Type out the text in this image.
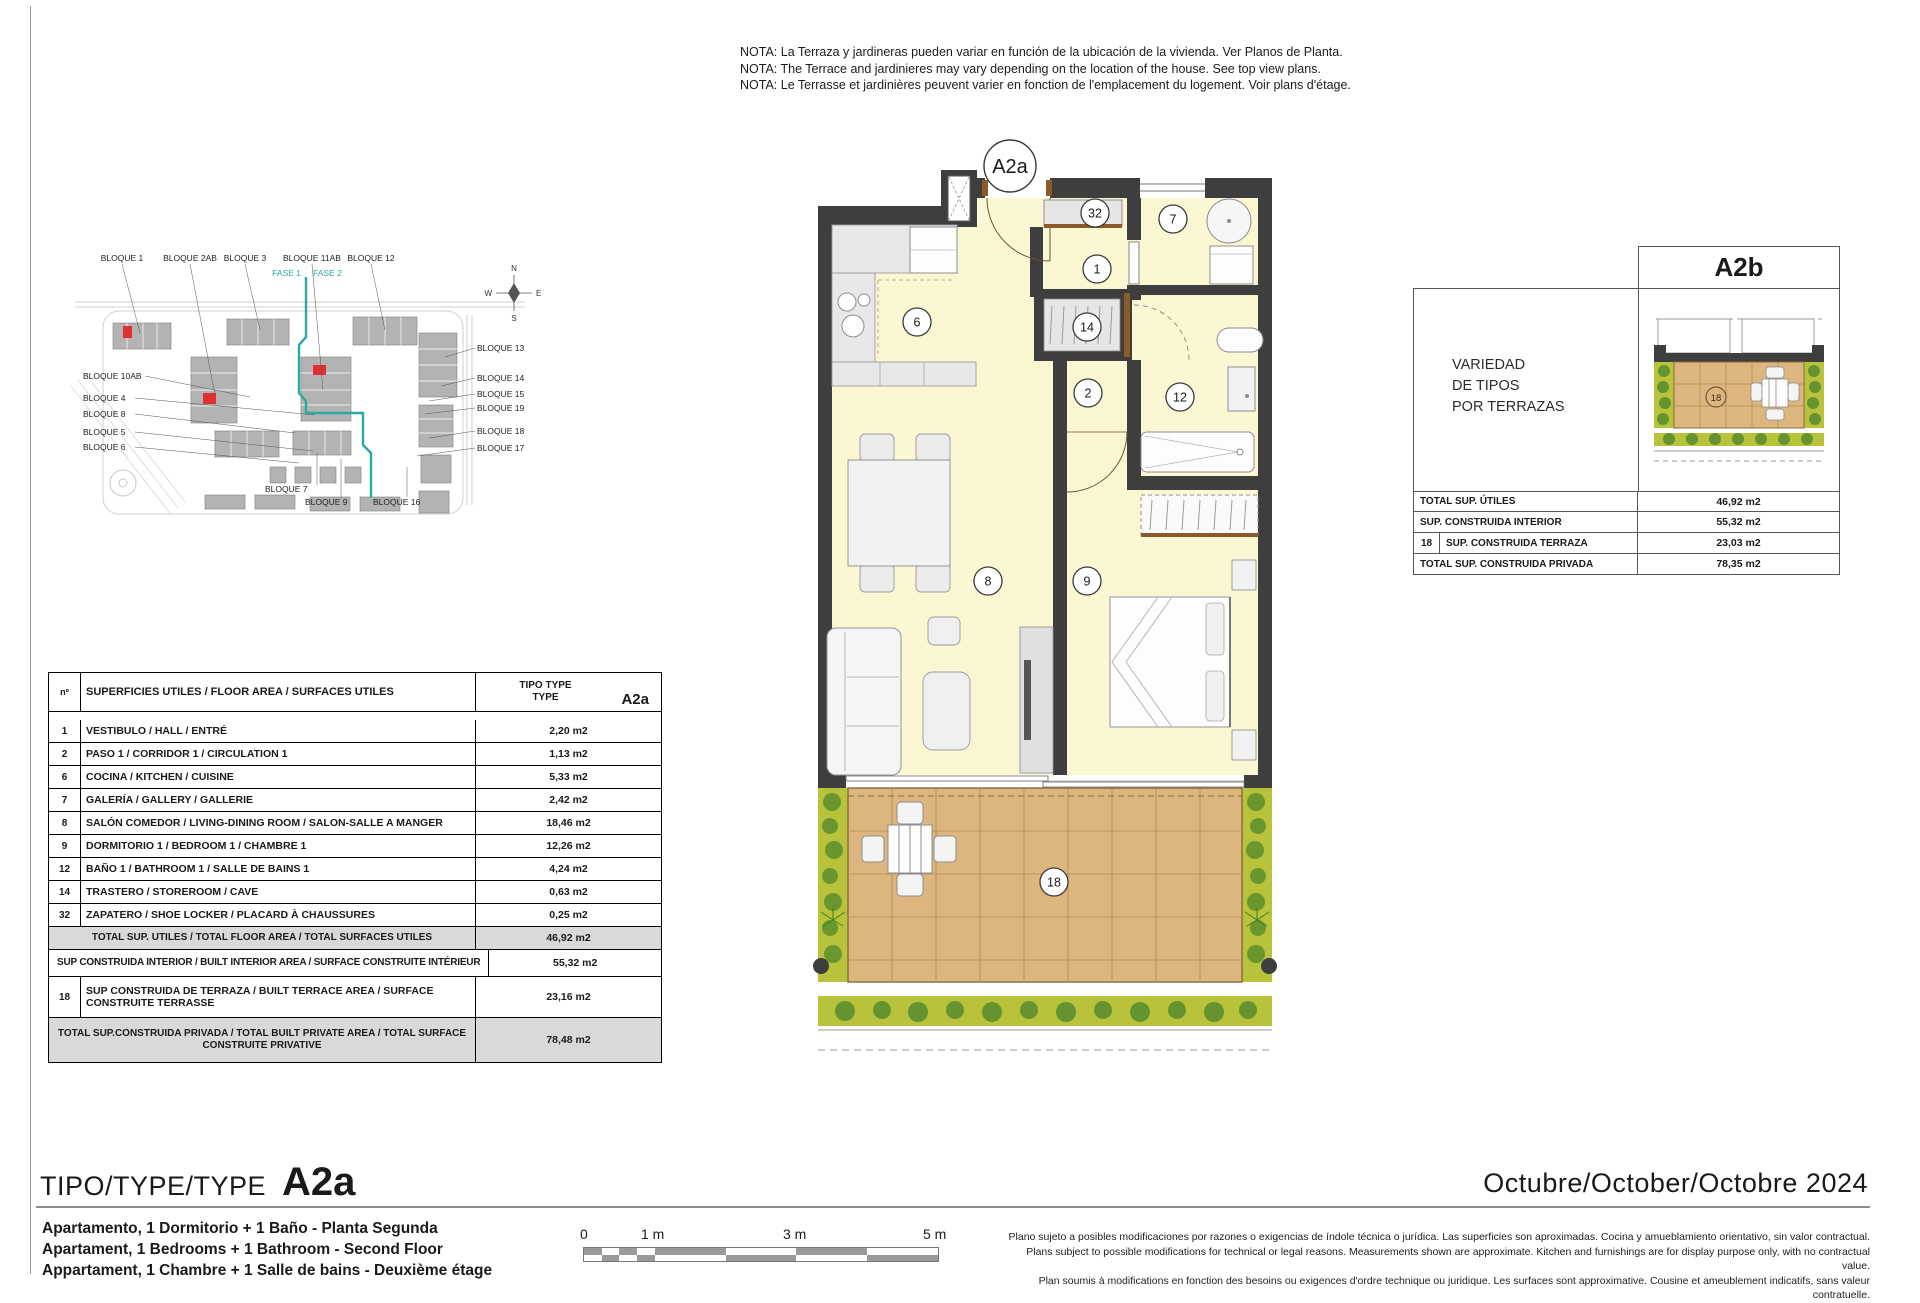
NOTA: La Terraza y jardineras pueden variar en función de la ubicación de la vivienda. Ver Planos de Planta.
NOTA: The Terrace and jardinieres may vary depending on the location of the house. See top view plans.
NOTA: Le Terrasse et jardinières peuvent varier en fonction de l'emplacement du logement. Voir plans d'étage.
N
W	E
S
FASE 1 FASE 2
BLOQUE 1 BLOQUE 2AB BLOQUE 3 BLOQUE 11AB BLOQUE 12
BLOQUE 10AB
BLOQUE 4
BLOQUE 8
BLOQUE 5
BLOQUE 6
BLOQUE 13
BLOQUE 14
BLOQUE 15
BLOQUE 19
BLOQUE 18
BLOQUE 17
BLOQUE 7
BLOQUE 9	BLOQUE 16
A2a
1
2
6
7
8	9
12
14
32
18
A2b
VARIEDAD
DE TIPOS
POR TERRAZAS
18
TOTAL SUP. ÚTILES	46,92 m2
SUP. CONSTRUIDA INTERIOR	55,32 m2
18	SUP. CONSTRUIDA TERRAZA	23,03 m2
TOTAL SUP. CONSTRUIDA PRIVADA	78,35 m2
nº	SUPERFICIES UTILES / FLOOR AREA / SURFACES UTILES
TIPO TYPE
TYPE	A2a
1	VESTIBULO / HALL / ENTRÉ	2,20 m2
2	PASO 1 / CORRIDOR 1 / CIRCULATION 1	1,13 m2
6	COCINA / KITCHEN / CUISINE	5,33 m2
7	GALERÍA / GALLERY / GALLERIE	2,42 m2
8	SALÓN COMEDOR / LIVING-DINING ROOM / SALON-SALLE A MANGER	18,46 m2
9	DORMITORIO 1 / BEDROOM 1 / CHAMBRE 1	12,26 m2
12	BAÑO 1 / BATHROOM 1 / SALLE DE BAINS 1	4,24 m2
14	TRASTERO / STOREROOM / CAVE	0,63 m2
32	ZAPATERO / SHOE LOCKER / PLACARD À CHAUSSURES	0,25 m2
TOTAL SUP. UTILES / TOTAL FLOOR AREA / TOTAL SURFACES UTILES	46,92 m2
SUP CONSTRUIDA INTERIOR / BUILT INTERIOR AREA / SURFACE CONSTRUITE INTÉRIEUR	55,32 m2
18	SUP CONSTRUIDA DE TERRAZA / BUILT TERRACE AREA / SURFACE CONSTRUITE TERRASSE	23,16 m2
TOTAL SUP.CONSTRUIDA PRIVADA / TOTAL BUILT PRIVATE AREA / TOTAL SURFACE CONSTRUITE PRIVATIVE	78,48 m2
TIPO/TYPE/TYPE A2a	Octubre/October/Octobre 2024
Apartamento, 1 Dormitorio + 1 Baño - Planta Segunda
Apartament, 1 Bedrooms + 1 Bathroom - Second Floor
Appartament, 1 Chambre + 1 Salle de bains - Deuxième étage
0	1 m	3 m	5 m	Plano sujeto a posibles modificaciones por razones o exigencias de índole técnica o jurídica. Las superficies son aproximadas. Cocina y amueblamiento orientativo, sin valor contractual.
Plans subject to possible modifications for technical or legal reasons. Measurements shown are approximate. Kitchen and furnishings are for display purpose only, with no contractual value.
Plan soumis à modifications en fonction des besoins ou exigences d'ordre technique ou juridique. Les surfaces sont approximative. Cousine et ameublement indicatifs, sans valeur contratuelle.
